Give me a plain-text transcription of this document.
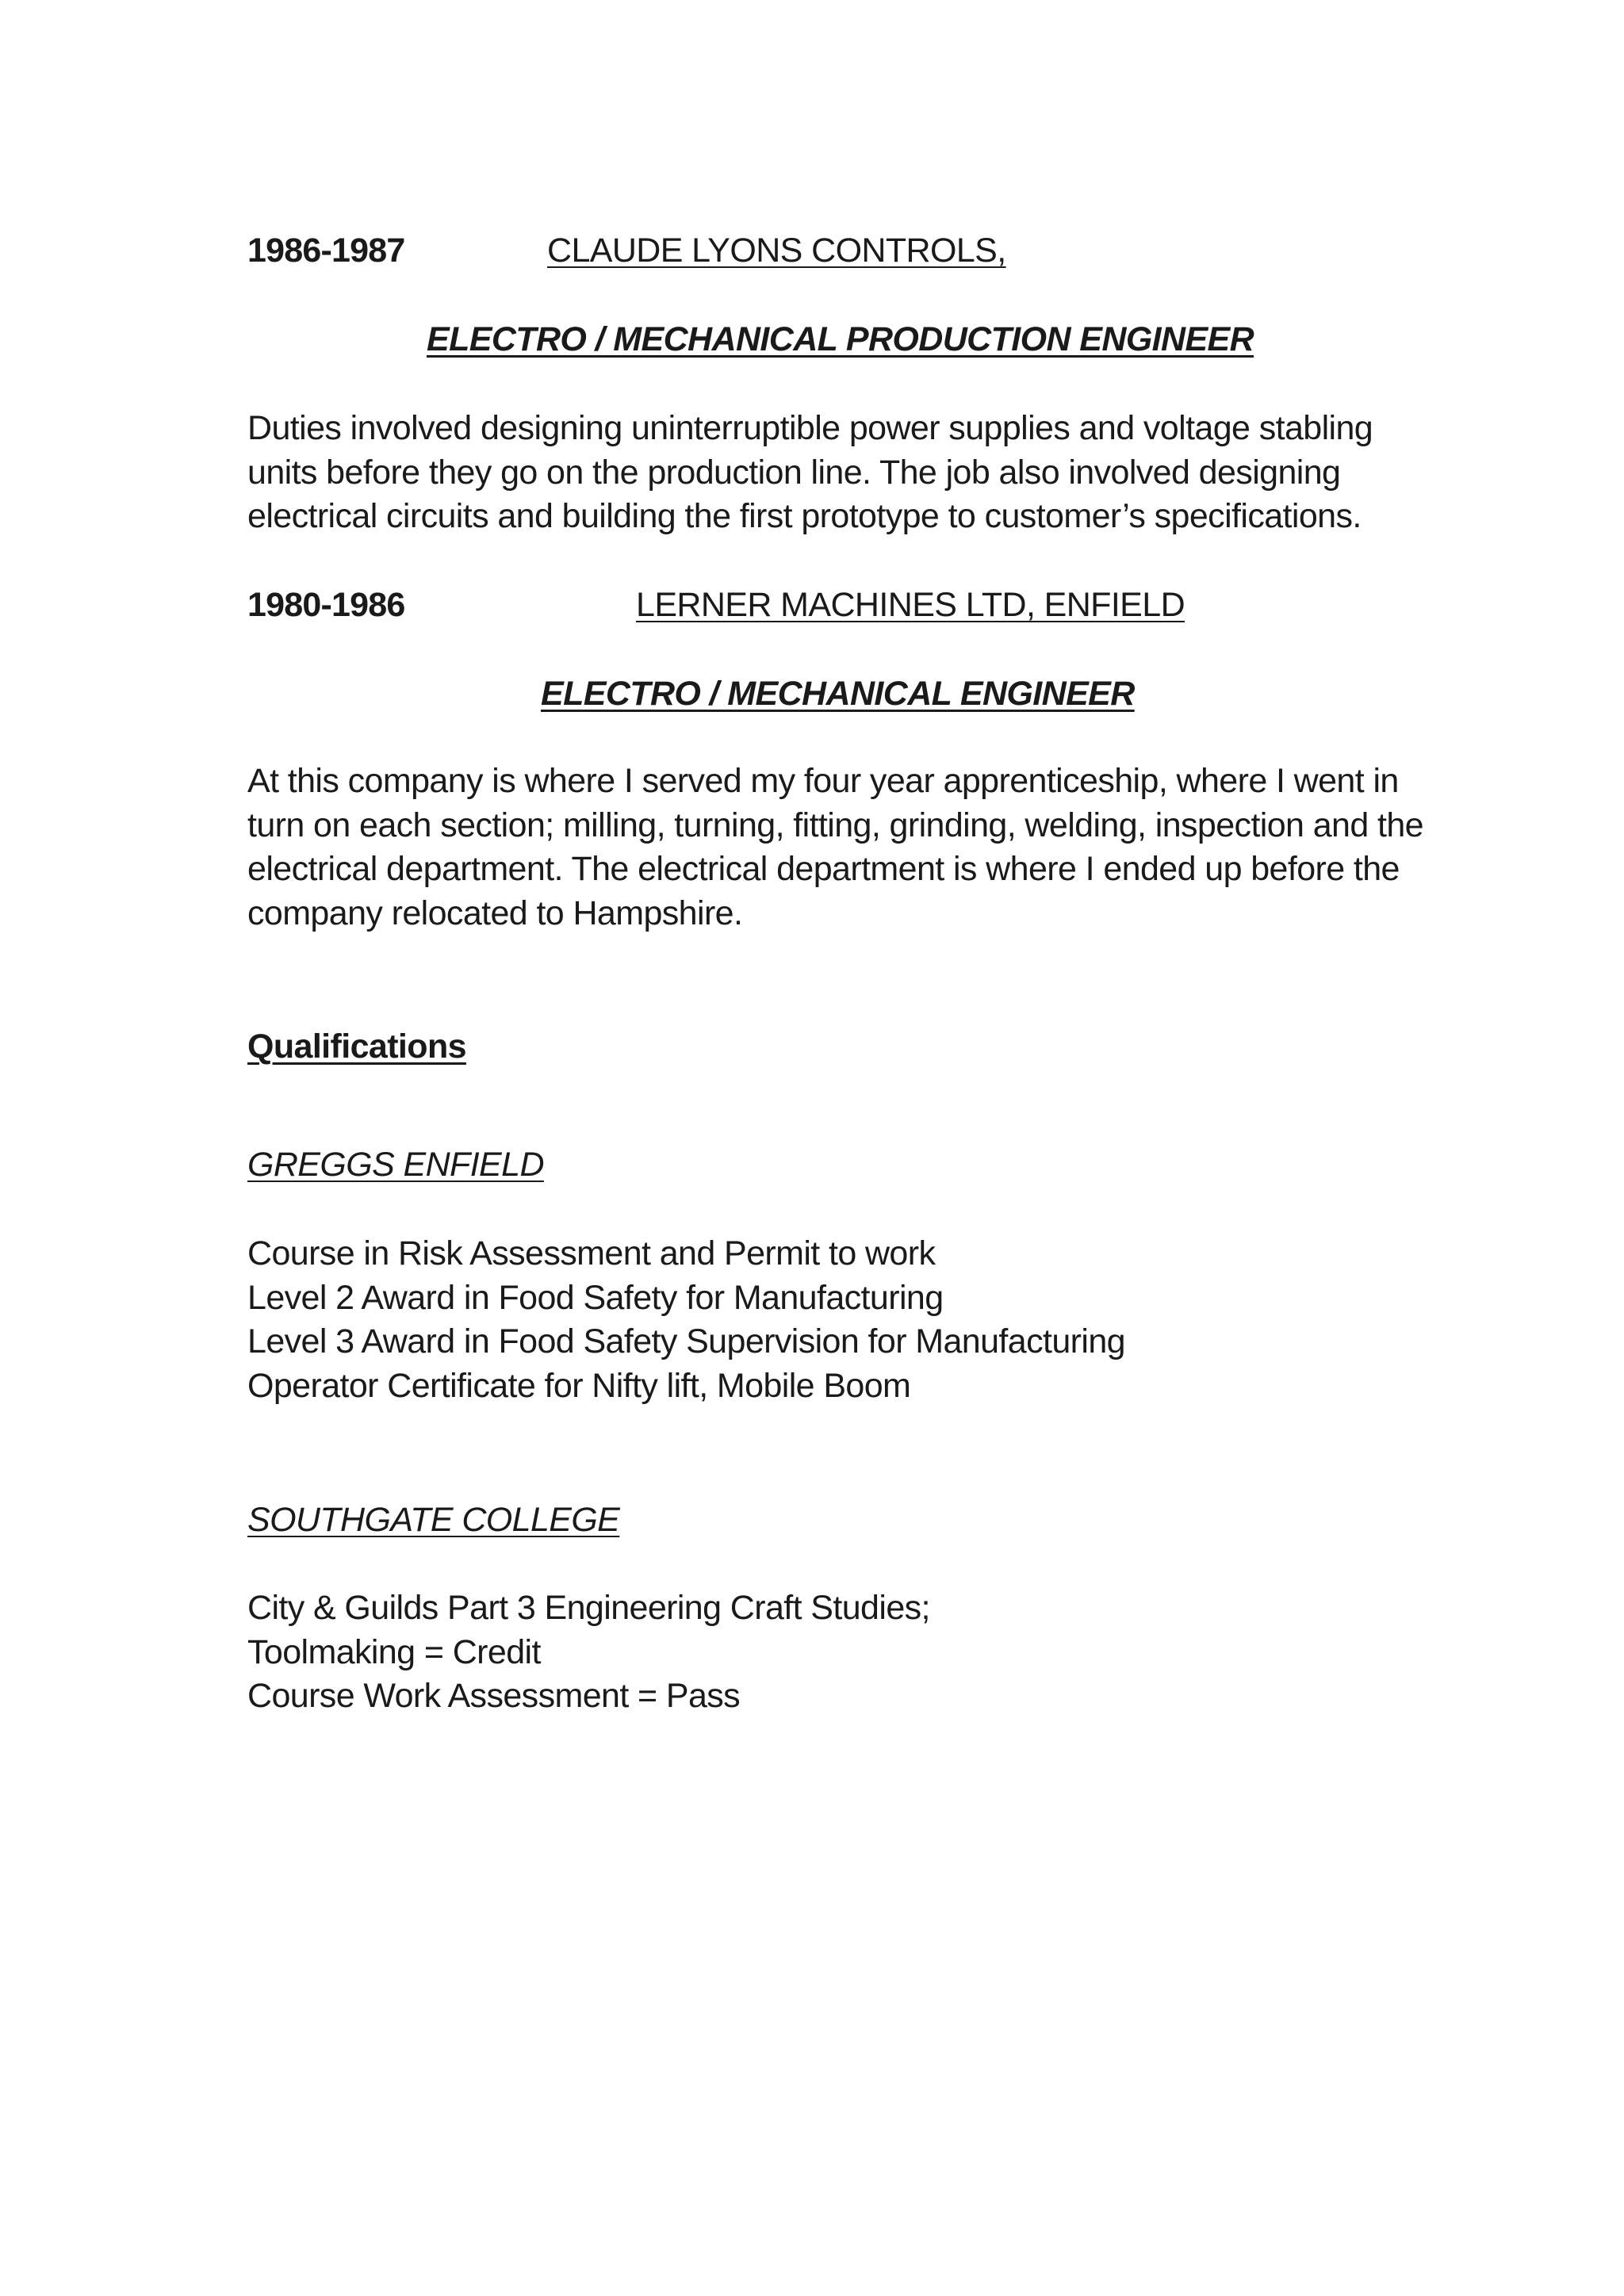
1986-1987	CLAUDE LYONS CONTROLS,
ELECTRO / MECHANICAL PRODUCTION ENGINEER
Duties involved designing uninterruptible power supplies and voltage stabling
units before they go on the production line. The job also involved designing
electrical circuits and building the first prototype to customer’s specifications.
1980-1986	LERNER MACHINES LTD, ENFIELD
ELECTRO / MECHANICAL ENGINEER
At this company is where I served my four year apprenticeship, where I went in
turn on each section; milling, turning, fitting, grinding, welding, inspection and the
electrical department. The electrical department is where I ended up before the
company relocated to Hampshire.
Qualifications
GREGGS ENFIELD
Course in Risk Assessment and Permit to work
Level 2 Award in Food Safety for Manufacturing
Level 3 Award in Food Safety Supervision for Manufacturing
Operator Certificate for Nifty lift, Mobile Boom
SOUTHGATE COLLEGE
City & Guilds Part 3 Engineering Craft Studies;
Toolmaking = Credit
Course Work Assessment = Pass
